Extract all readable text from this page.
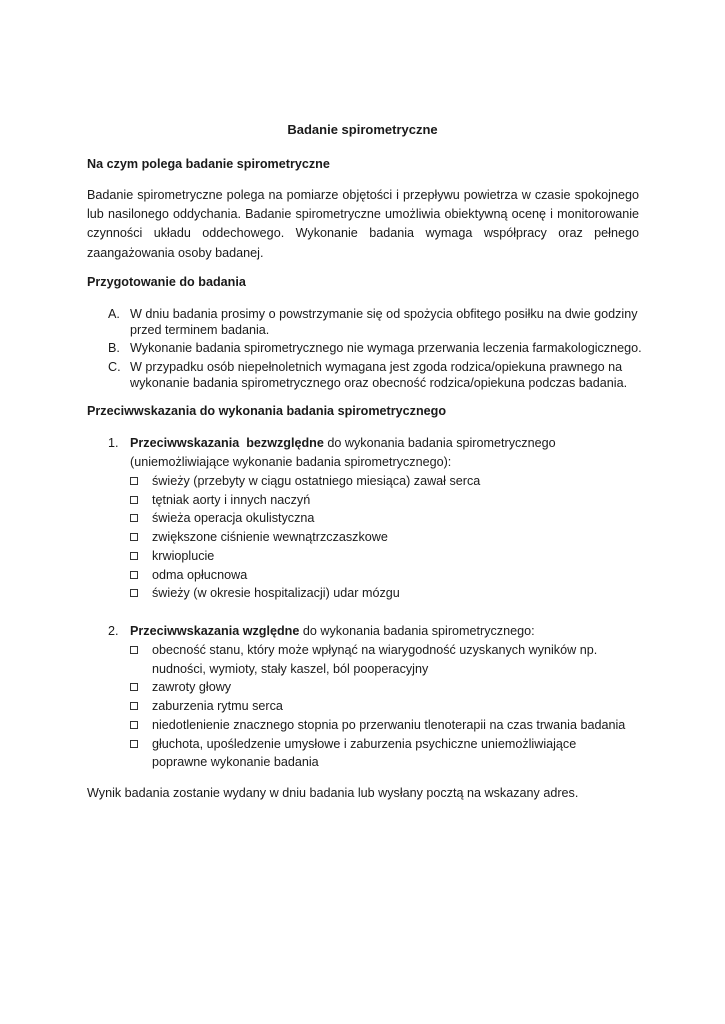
Badanie spirometryczne
Na czym polega badanie spirometryczne

Badanie spirometryczne polega na pomiarze objętości i przepływu powietrza w czasie spokojnego lub nasilonego oddychania. Badanie spirometryczne umożliwia obiektywną ocenę i monitorowanie czynności układu oddechowego. Wykonanie badania wymaga współpracy oraz pełnego zaangażowania osoby badanej.

Przygotowanie do badania
A. W dniu badania prosimy o powstrzymanie się od spożycia obfitego posiłku na dwie godziny przed terminem badania.
B. Wykonanie badania spirometrycznego nie wymaga przerwania leczenia farmakologicznego.
C. W przypadku osób niepełnoletnich wymagana jest zgoda rodzica/opiekuna prawnego na wykonanie badania spirometrycznego oraz obecność rodzica/opiekuna podczas badania.
Przeciwwskazania do wykonania badania spirometrycznego
1. Przeciwwskazania  bezwzględne do wykonania badania spirometrycznego (uniemożliwiające wykonanie badania spirometrycznego):
świeży (przebyty w ciągu ostatniego miesiąca) zawał serca
tętniak aorty i innych naczyń
świeża operacja okulistyczna
zwiększone ciśnienie wewnątrzczaszkowe
krwioplucie
odma opłucnowa
świeży (w okresie hospitalizacji) udar mózgu
2. Przeciwwskazania względne do wykonania badania spirometrycznego:
obecność stanu, który może wpłynąć na wiarygodność uzyskanych wyników np. nudności, wymioty, stały kaszel, ból pooperacyjny
zawroty głowy
zaburzenia rytmu serca
niedotlenienie znacznego stopnia po przerwaniu tlenoterapii na czas trwania badania
głuchota, upośledzenie umysłowe i zaburzenia psychiczne uniemożliwiające poprawne wykonanie badania

Wynik badania zostanie wydany w dniu badania lub wysłany pocztą na wskazany adres.
